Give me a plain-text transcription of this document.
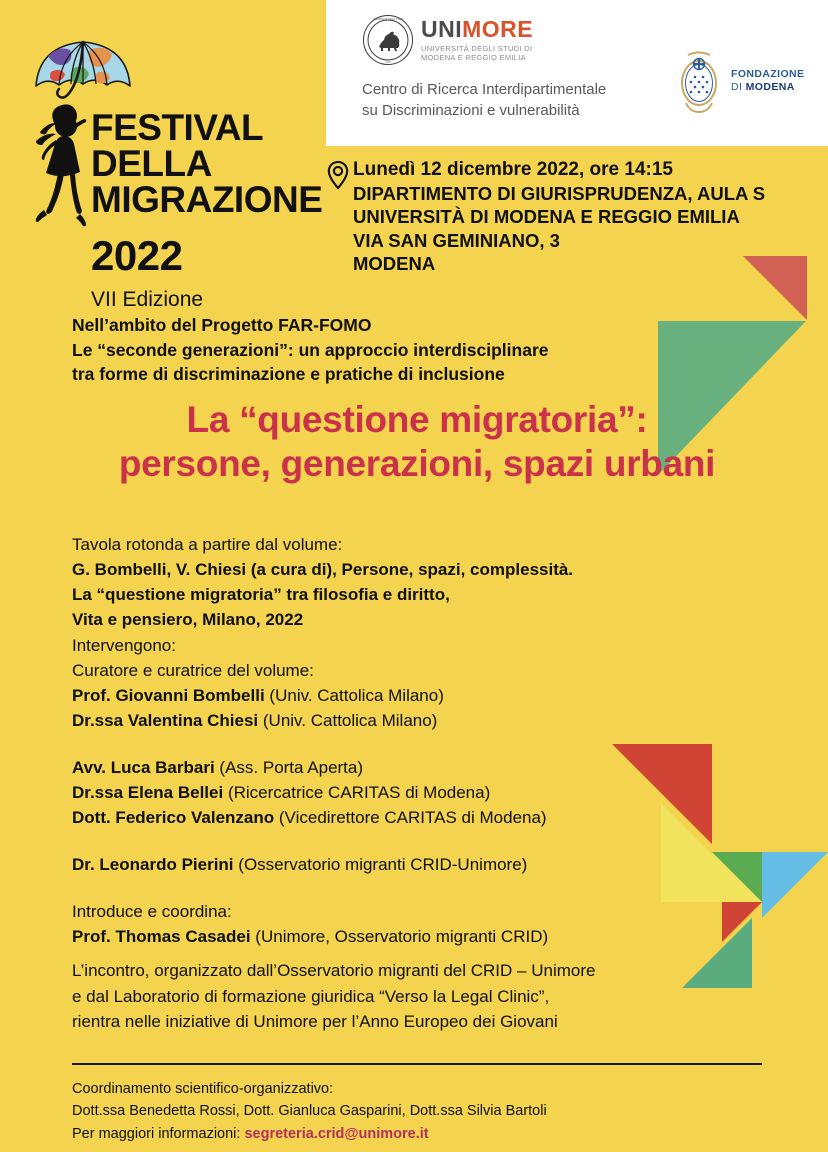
UNIVERSITÀ DEGLI STUDI
1175
UNIMORE
UNIVERSITÀ DEGLI STUDI DI
MODENA E REGGIO EMILIA
Centro di Ricerca Interdipartimentale
su Discriminazioni e vulnerabilità
FONDAZIONE
DI MODENA
FESTIVAL
DELLA
MIGRAZIONE
2022
VII Edizione
Lunedì 12 dicembre 2022, ore 14:15
DIPARTIMENTO DI GIURISPRUDENZA, AULA S
UNIVERSITÀ DI MODENA E REGGIO EMILIA
VIA SAN GEMINIANO, 3
MODENA
Nell’ambito del Progetto FAR-FOMO
Le “seconde generazioni”: un approccio interdisciplinare
tra forme di discriminazione e pratiche di inclusione
La “questione migratoria”:
persone, generazioni, spazi urbani
Tavola rotonda a partire dal volume:
G. Bombelli, V. Chiesi (a cura di), Persone, spazi, complessità.
La “questione migratoria” tra filosofia e diritto,
Vita e pensiero, Milano, 2022
Intervengono:
Curatore e curatrice del volume:
Prof. Giovanni Bombelli (Univ. Cattolica Milano)
Dr.ssa Valentina Chiesi (Univ. Cattolica Milano)
Avv. Luca Barbari (Ass. Porta Aperta)
Dr.ssa Elena Bellei (Ricercatrice CARITAS di Modena)
Dott. Federico Valenzano (Vicedirettore CARITAS di Modena)
Dr. Leonardo Pierini (Osservatorio migranti CRID-Unimore)
Introduce e coordina:
Prof. Thomas Casadei (Unimore, Osservatorio migranti CRID)
L’incontro, organizzato dall’Osservatorio migranti del CRID – Unimore
e dal Laboratorio di formazione giuridica “Verso la Legal Clinic”,
rientra nelle iniziative di Unimore per l’Anno Europeo dei Giovani
Coordinamento scientifico-organizzativo:
Dott.ssa Benedetta Rossi, Dott. Gianluca Gasparini, Dott.ssa Silvia Bartoli
Per maggiori informazioni: segreteria.crid@unimore.it
